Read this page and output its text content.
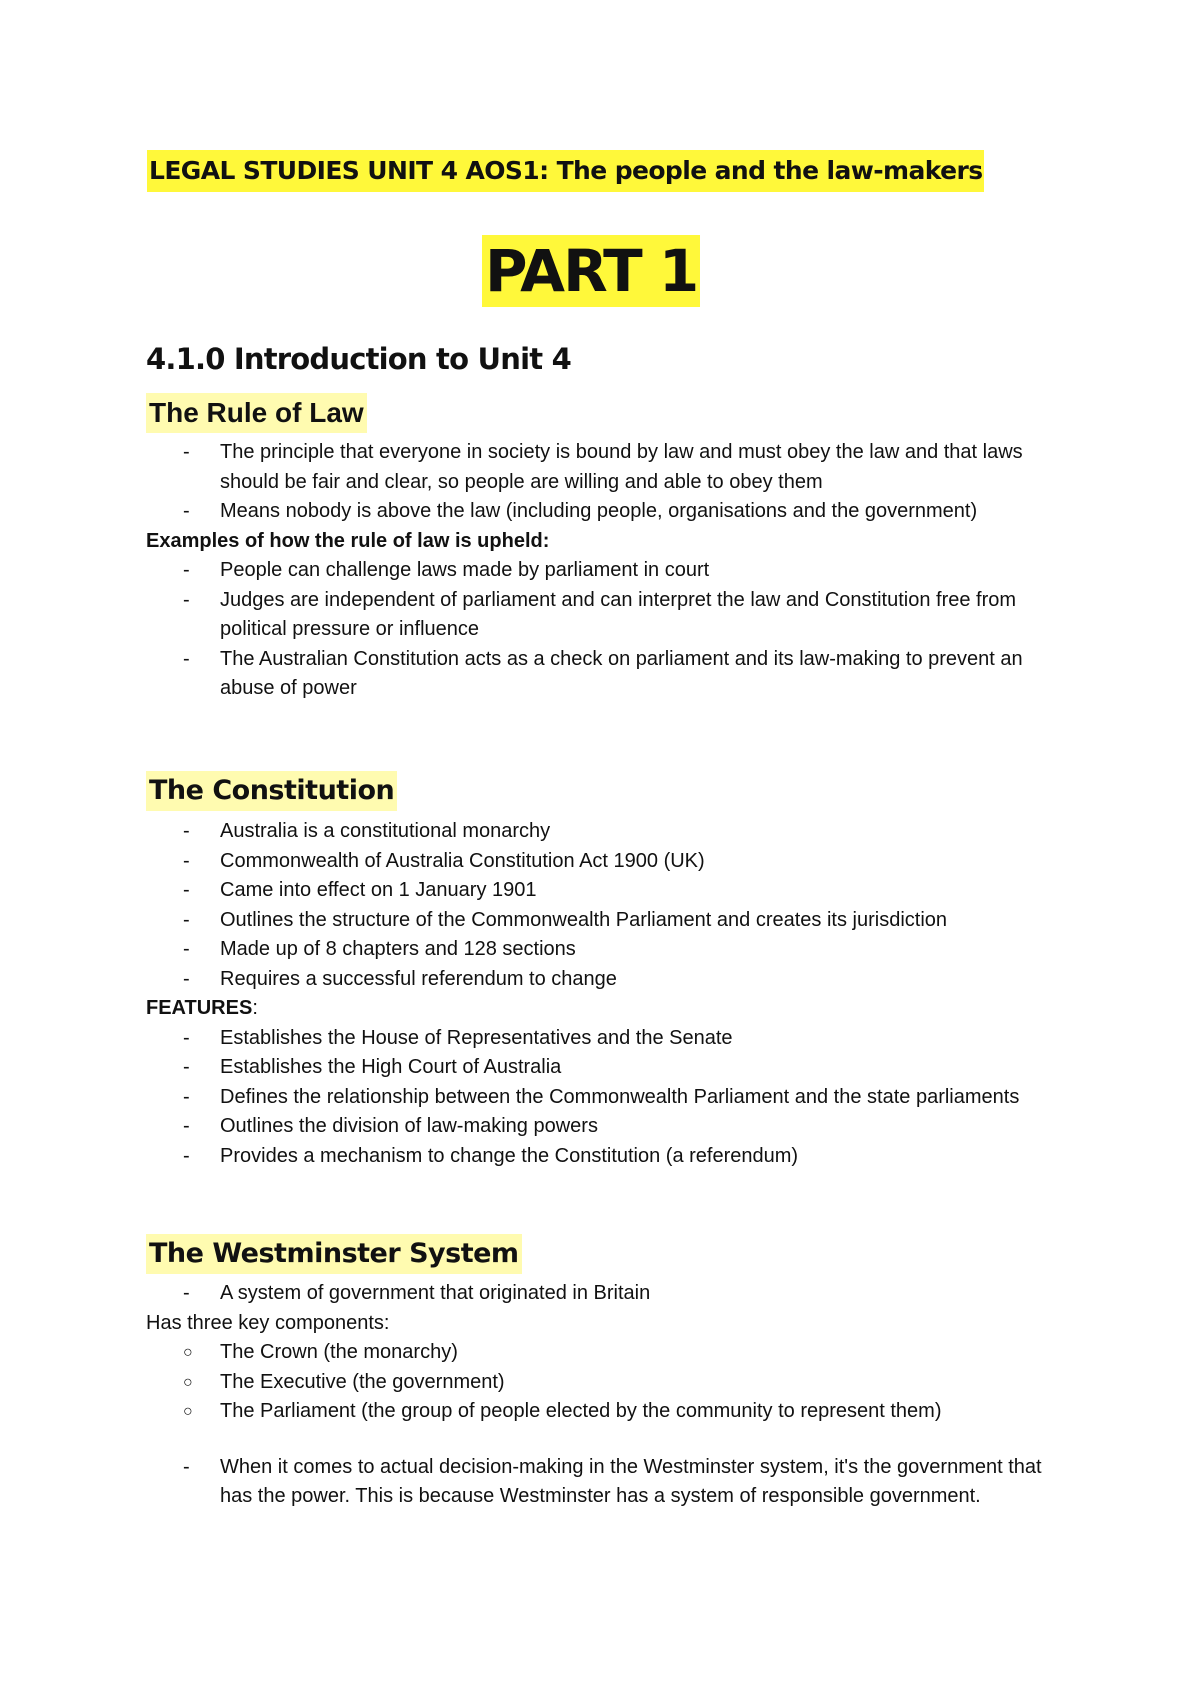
LEGAL STUDIES UNIT 4 AOS1: The people and the law-makers
PART 1
4.1.0 Introduction to Unit 4
The Rule of Law
-	The principle that everyone in society is bound by law and must obey the law and that laws should be fair and clear, so people are willing and able to obey them
-	Means nobody is above the law (including people, organisations and the government)
Examples of how the rule of law is upheld:
-	People can challenge laws made by parliament in court
-	Judges are independent of parliament and can interpret the law and Constitution free from political pressure or influence
-	The Australian Constitution acts as a check on parliament and its law-making to prevent an abuse of power
The Constitution
-	Australia is a constitutional monarchy
-	Commonwealth of Australia Constitution Act 1900 (UK)
-	Came into effect on 1 January 1901
-	Outlines the structure of the Commonwealth Parliament and creates its jurisdiction
-	Made up of 8 chapters and 128 sections
-	Requires a successful referendum to change
FEATURES:
-	Establishes the House of Representatives and the Senate
-	Establishes the High Court of Australia
-	Defines the relationship between the Commonwealth Parliament and the state parliaments
-	Outlines the division of law-making powers
-	Provides a mechanism to change the Constitution (a referendum)
The Westminster System
-	A system of government that originated in Britain
Has three key components:
○	The Crown (the monarchy)
○	The Executive (the government)
○	The Parliament (the group of people elected by the community to represent them)
-	When it comes to actual decision-making in the Westminster system, it's the government that has the power. This is because Westminster has a system of responsible government.
